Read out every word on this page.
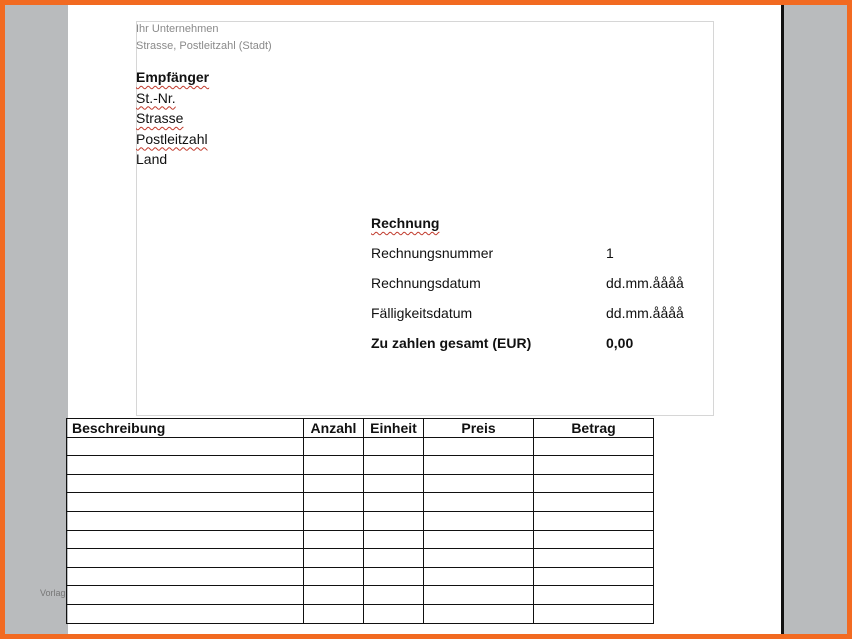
Ihr Unternehmen
Strasse, Postleitzahl (Stadt)
Empfänger
St.-Nr.
Strasse
Postleitzahl
Land
Rechnung
Rechnungsnummer	1
Rechnungsdatum	dd.mm.åååå
Fälligkeitsdatum	dd.mm.åååå
Zu zahlen gesamt (EUR)	0,00
Vorlag
Beschreibung	Anzahl	Einheit	Preis	Betrag
